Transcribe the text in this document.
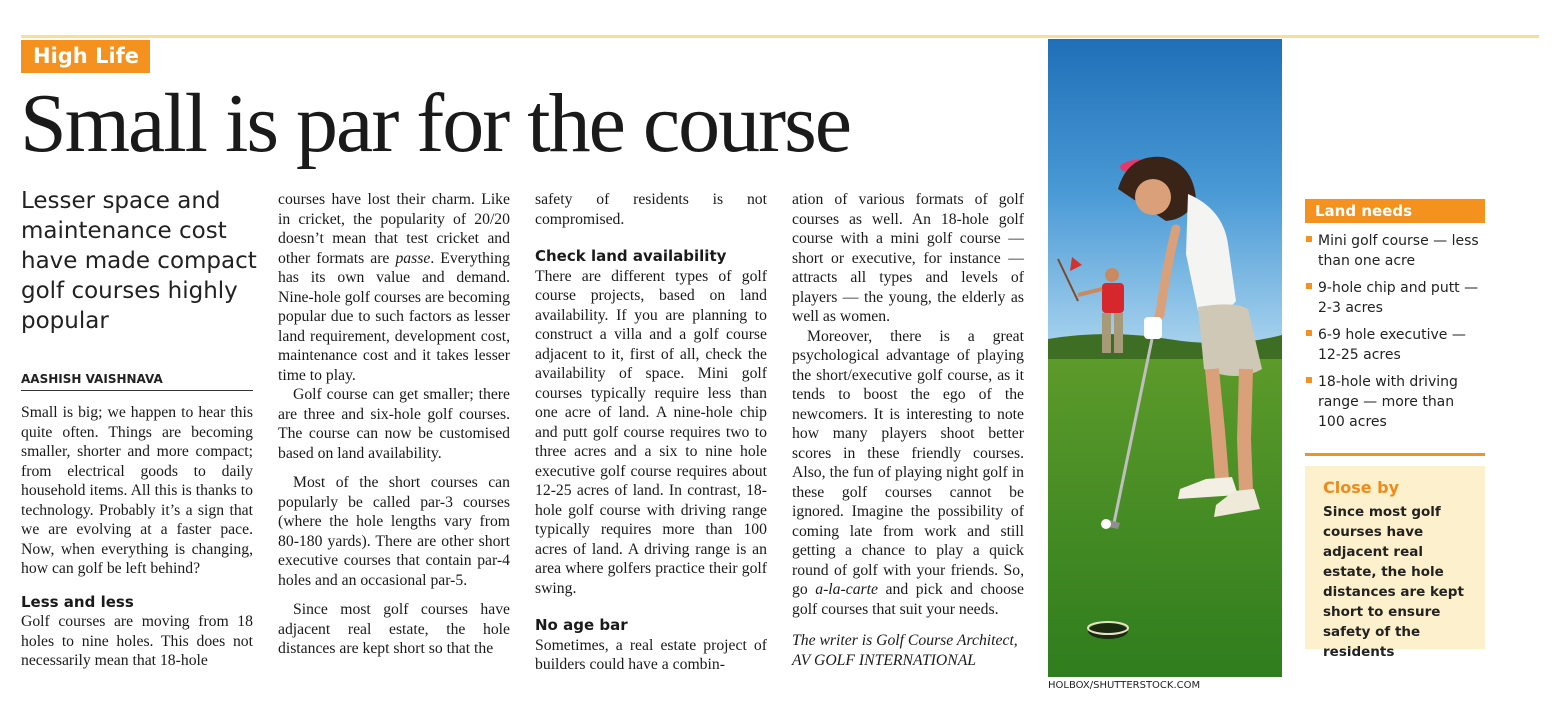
High Life
Small is par for the course
Lesser space and maintenance cost have made compact golf courses highly popular
AASHISH VAISHNAVA

Small is big; we happen to hear this quite often. Things are becoming smaller, shorter and more compact; from electrical goods to daily household items. All this is thanks to technology. Probably it’s a sign that we are evolving at a faster pace. Now, when everything is changing, how can golf be left behind?

Less and less

Golf courses are moving from 18 holes to nine holes. This does not necessarily mean that 18-hole

courses have lost their charm. Like in cricket, the popularity of 20/20 doesn’t mean that test cricket and other formats are passe. Everything has its own value and demand. Nine-hole golf courses are becoming popular due to such factors as lesser land requirement, development cost, maintenance cost and it takes lesser time to play.

Golf course can get smaller; there are three and six-hole golf courses. The course can now be customised based on land availability.

Most of the short courses can popularly be called par-3 courses (where the hole lengths vary from 80-180 yards). There are other short executive courses that contain par-4 holes and an occasional par-5.

Since most golf courses have adjacent real estate, the hole distances are kept short so that the

safety of residents is not compromised.

Check land availability

There are different types of golf course projects, based on land availability. If you are planning to construct a villa and a golf course adjacent to it, first of all, check the availability of space. Mini golf courses typically require less than one acre of land. A nine-hole chip and putt golf course requires two to three acres and a six to nine hole executive golf course requires about 12-25 acres of land. In contrast, 18-hole golf course with driving range typically requires more than 100 acres of land. A driving range is an area where golfers practice their golf swing.

No age bar

Sometimes, a real estate project of builders could have a combin-

ation of various formats of golf courses as well. An 18-hole golf course with a mini golf course — short or executive, for instance — attracts all types and levels of players — the young, the elderly as well as women.

Moreover, there is a great psychological advantage of playing the short/executive golf course, as it tends to boost the ego of the newcomers. It is interesting to note how many players shoot better scores in these friendly courses. Also, the fun of playing night golf in these golf courses cannot be ignored. Imagine the possibility of coming late from work and still getting a chance to play a quick round of golf with your friends. So, go a-la-carte and pick and choose golf courses that suit your needs.

The writer is Golf Course Architect,
AV GOLF INTERNATIONAL

HOLBOX/SHUTTERSTOCK.COM
Land needs
Mini golf course — less than one acre
9-hole chip and putt — 2-3 acres
6-9 hole executive — 12-25 acres
18-hole with driving range — more than 100 acres
Close by
Since most golf courses have adjacent real estate, the hole distances are kept short to ensure safety of the residents
